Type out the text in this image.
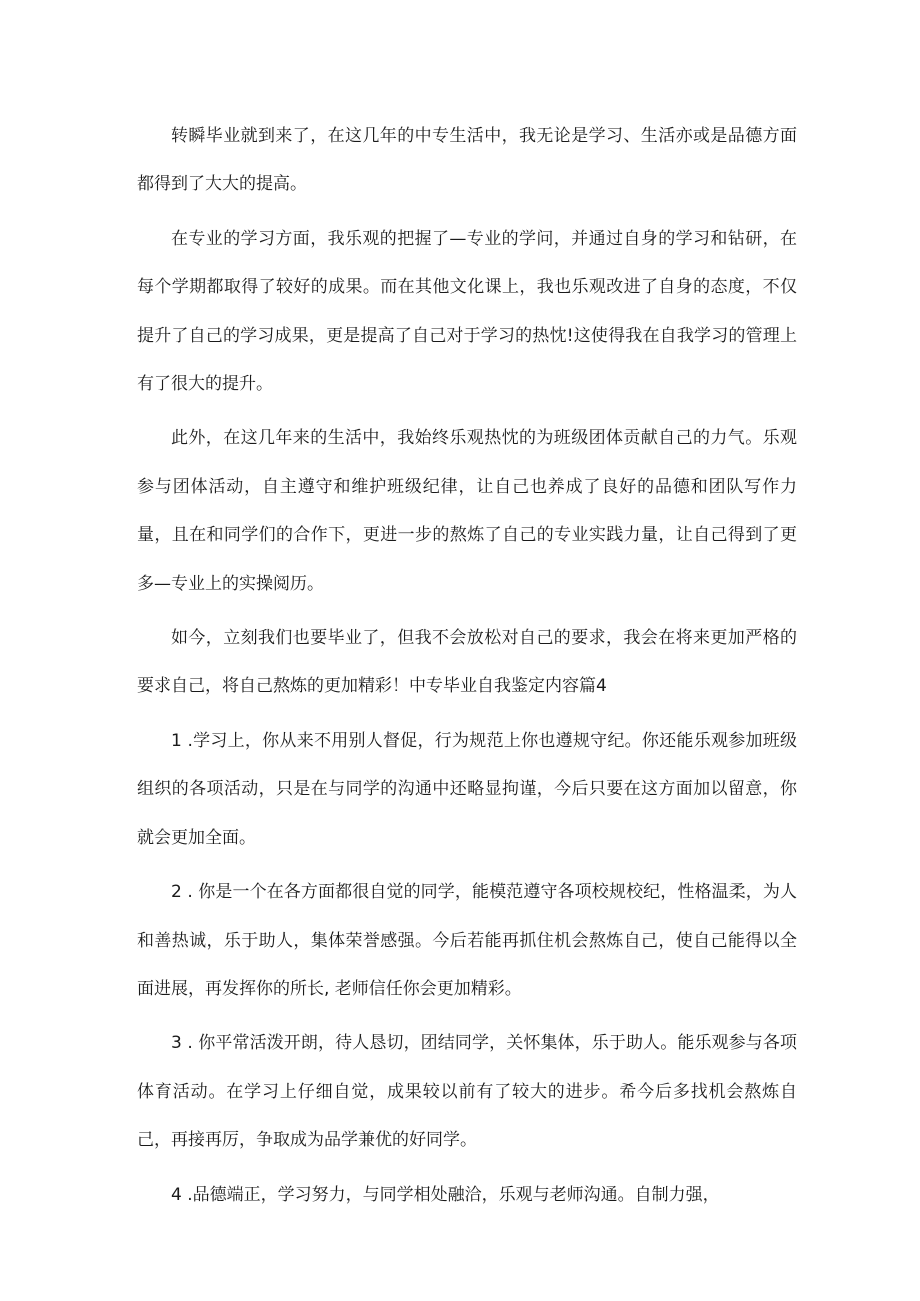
转瞬毕业就到来了，在这几年的中专生活中，我无论是学习、生活亦或是品德方面都得到了大大的提高。

在专业的学习方面，我乐观的把握了—专业的学问，并通过自身的学习和钻研，在每个学期都取得了较好的成果。而在其他文化课上，我也乐观改进了自身的态度，不仅提升了自己的学习成果，更是提高了自己对于学习的热忱!这使得我在自我学习的管理上有了很大的提升。

此外，在这几年来的生活中，我始终乐观热忱的为班级团体贡献自己的力气。乐观参与团体活动，自主遵守和维护班级纪律，让自己也养成了良好的品德和团队写作力量，且在和同学们的合作下，更进一步的熬炼了自己的专业实践力量，让自己得到了更多—专业上的实操阅历。

如今，立刻我们也要毕业了，但我不会放松对自己的要求，我会在将来更加严格的要求自己，将自己熬炼的更加精彩！中专毕业自我鉴定内容篇4

1 .学习上，你从来不用别人督促，行为规范上你也遵规守纪。你还能乐观参加班级组织的各项活动，只是在与同学的沟通中还略显拘谨，今后只要在这方面加以留意，你就会更加全面。

2 . 你是一个在各方面都很自觉的同学，能模范遵守各项校规校纪，性格温柔，为人和善热诚，乐于助人，集体荣誉感强。今后若能再抓住机会熬炼自己，使自己能得以全面进展，再发挥你的所长, 老师信任你会更加精彩。

3 . 你平常活泼开朗，待人恳切，团结同学，关怀集体，乐于助人。能乐观参与各项体育活动。在学习上仔细自觉，成果较以前有了较大的进步。希今后多找机会熬炼自己，再接再厉，争取成为品学兼优的好同学。

4 .品德端正，学习努力，与同学相处融洽，乐观与老师沟通。自制力强，
